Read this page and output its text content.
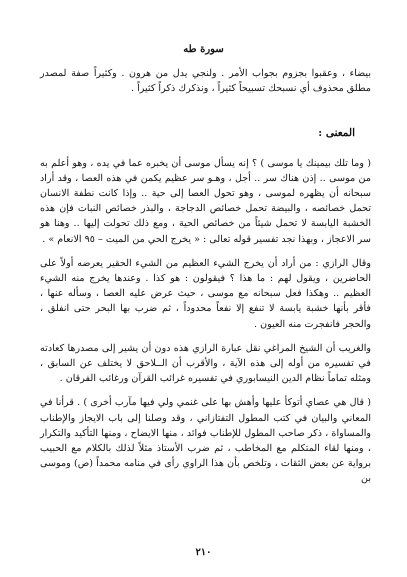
سورة طه

بيضاء ، وعقبوا بجزوم بجواب الأمر . ولنجي يدل من هرون . وكثيراً صفة لمصدر مطلق محذوف أي نسبحك تسبيحاً كثيراً ، ونذكرك ذكراً كثيراً .

المعنى :

( وما تلك بيمينك يا موسى ) ؟ إنه يسأل موسى أن يخبره عما في يده ، وهو أعلم به من موسى .. إذن هناك سر .. أجل ، وهـو سر عظيم يكمن في هذه العصا ، وقد أراد سبحانه أن يظهره لموسى ، وهو تحول العصا إلى حية .. وإذا كانت نطفة الانسان تحمل خصائصه ، والبيضة تحمل خصائص الدجاجة ، والبذر خصائص النبات فإن هذه الخشبة اليابسة لا تحمل شيئاً من خصائص الحية ، ومع ذلك تحولت إليها .. وهنا هو سر الاعجاز ، وبهذا نجد تفسير قوله تعالى : « يخرج الحي من الميت – ٩٥ الانعام » .

وقال الرازي : من أراد أن يخرج الشيء العظيم من الشيء الحقير يعرضه أولاً على الحاضرين ، ويقول لهم : ما هذا ؟ فيقولون : هو كذا . وعندها يخرج منه الشيء العظيم .. وهكذا فعل سبحانه مع موسى ، حيث عرض عليه العصا ، وسأله عنها ، فأقر بأنها خشبة يابسة لا تنفع إلا نفعاً محدوداً ، ثم ضرب بها البحر حتى انفلق ، والحجر فانفجرت منه العيون .

والغريب أن الشيخ المراغي نقل عبارة الرازي هذه دون أن يشير إلى مصدرها كعادته في تفسيره من أوله إلى هذه الآية ، والأقرب أن الــلاحق لا يختلف عن السابق ، ومثله تماماً نظام الدين النيسابوري في تفسيره غرائب القرآن ورغائب الفرقان .

( قال هي عصاي أتوكأ عليها وأهش بها على غنمي ولي فيها مآرب أخرى ) . قرأنا في المعاني والبيان في كتب المطول التفتازاني ، وقد وصلنا إلى باب الايجاز والإطناب والمساواة ، ذكر صاحب المطول للإطناب فوائد ، منها الايضاح ، ومنها التأكيد والتكرار ، ومنها لقاء المتكلم مع المخاطب ، ثم ضرب الأستاذ مثلاً لذلك بالكلام مع الحبيب برواية عن بعض الثقات ، وتلخص بأن هذا الراوي رأى في منامه محمداً (ص) وموسى بن

٢١٠
